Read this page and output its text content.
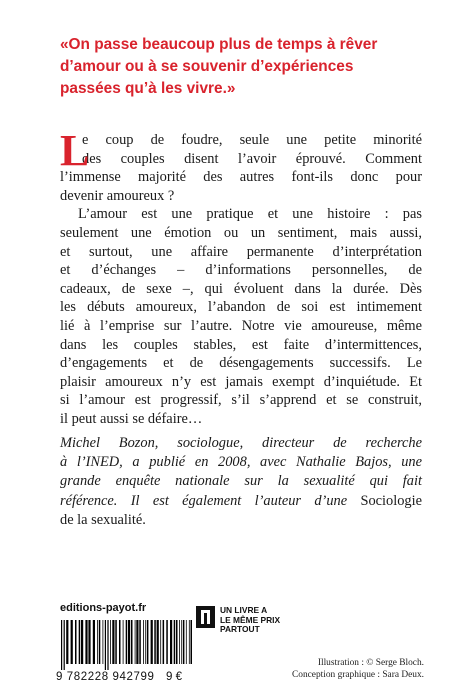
«On passe beaucoup plus de temps à rêver
d’amour ou à se souvenir d’expériences
passées qu’à les vivre.»
L
e coup de foudre, seule une petite minorité
des couples disent l’avoir éprouvé. Comment
l’immense majorité des autres font-ils donc pour
devenir amoureux ?
L’amour est une pratique et une histoire : pas
seulement une émotion ou un sentiment, mais aussi,
et surtout, une affaire permanente d’interprétation
et d’échanges – d’informations personnelles, de
cadeaux, de sexe –, qui évoluent dans la durée. Dès
les débuts amoureux, l’abandon de soi est intimement
lié à l’emprise sur l’autre. Notre vie amoureuse, même
dans les couples stables, est faite d’intermittences,
d’engagements et de désengagements successifs. Le
plaisir amoureux n’y est jamais exempt d’inquiétude. Et
si l’amour est progressif, s’il s’apprend et se construit,
il peut aussi se défaire…
Michel Bozon, sociologue, directeur de recherche
à l’INED, a publié en 2008, avec Nathalie Bajos, une
grande enquête nationale sur la sexualité qui fait
référence. Il est également l’auteur d’une Sociologie
de la sexualité.
editions-payot.fr
9 782228 942799 9 €
UN LIVRE A
LE MÊME PRIX
PARTOUT
Illustration : © Serge Bloch.
Conception graphique : Sara Deux.
